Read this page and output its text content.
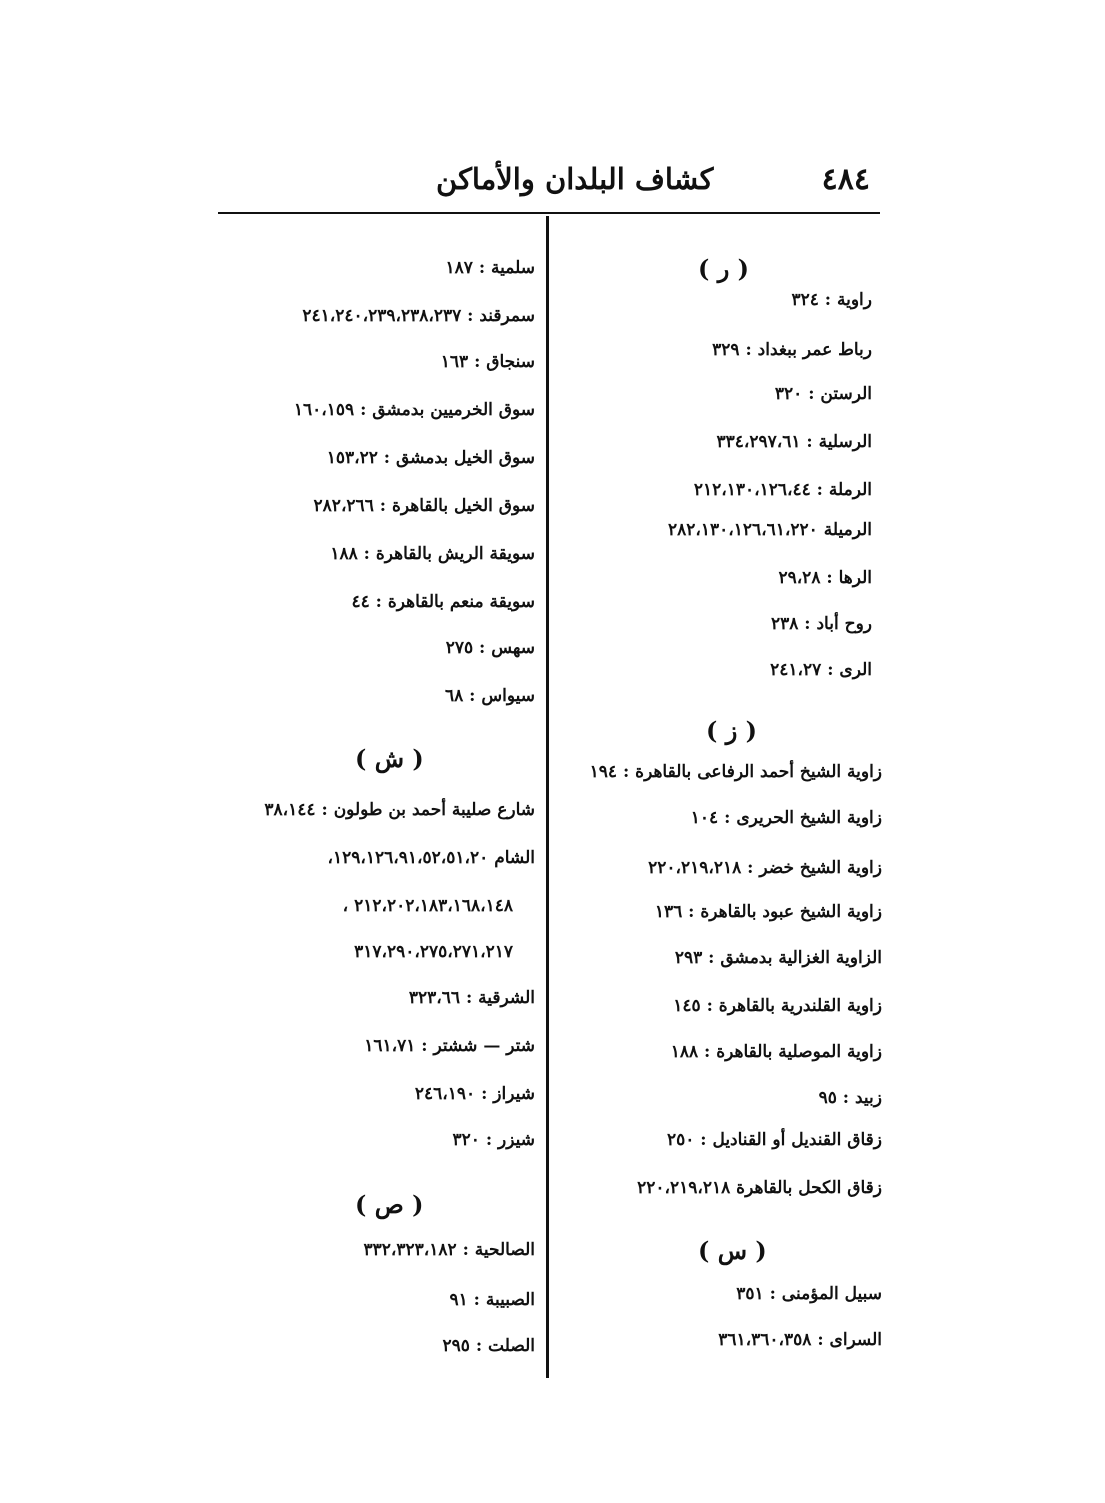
٤٨٤
كشاف البلدان والأماكن
( ر )
راوية : ٣٢٤
رباط عمر ببغداد : ٣٢٩
الرستن : ٣٢٠
الرسلية : ٣٣٤،٢٩٧،٦١
الرملة : ٢١٢،١٣٠،١٢٦،٤٤
الرميلة ٢٨٢،١٣٠،١٢٦،٦١،٢٢٠
الرها : ٢٩،٢٨
روح أباد : ٢٣٨
الرى : ٢٤١،٢٧
( ز )
زاوية الشيخ أحمد الرفاعى بالقاهرة : ١٩٤
زاوية الشيخ الحريرى : ١٠٤
زاوية الشيخ خضر : ٢٢٠،٢١٩،٢١٨
زاوية الشيخ عبود بالقاهرة : ١٣٦
الزاوية الغزالية بدمشق : ٢٩٣
زاوية القلندرية بالقاهرة : ١٤٥
زاوية الموصلية بالقاهرة : ١٨٨
زبيد : ٩٥
زقاق القنديل أو القناديل : ٢٥٠
زقاق الكحل بالقاهرة ٢٢٠،٢١٩،٢١٨
( س )
سبيل المؤمنى : ٣٥١
السراى : ٣٦١،٣٦٠،٣٥٨
سلمية : ١٨٧
سمرقند : ٢٤١،٢٤٠،٢٣٩،٢٣٨،٢٣٧
سنجاق : ١٦٣
سوق الخرميين بدمشق : ١٦٠،١٥٩
سوق الخيل بدمشق : ١٥٣،٢٢
سوق الخيل بالقاهرة : ٢٨٢،٢٦٦
سويقة الريش بالقاهرة : ١٨٨
سويقة منعم بالقاهرة : ٤٤
سهس : ٢٧٥
سيواس : ٦٨
( ش )
شارع صليبة أحمد بن طولون : ٣٨،١٤٤
الشام ١٢٩،١٢٦،٩١،٥٢،٥١،٢٠،
٢١٢،٢٠٢،١٨٣،١٦٨،١٤٨ ،
٣١٧،٢٩٠،٢٧٥،٢٧١،٢١٧
الشرقية : ٣٢٣،٦٦
شتر — ششتر : ١٦١،٧١
شيراز : ٢٤٦،١٩٠
شيزر : ٣٢٠
( ص )
الصالحية : ٣٣٢،٣٢٣،١٨٢
الصبيبة : ٩١
الصلت : ٢٩٥
